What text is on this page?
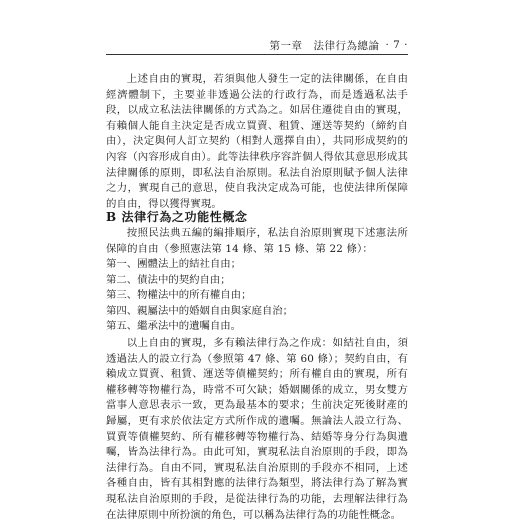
第一章　法律行為總論 · 7 ·

上述自由的實現，若須與他人發生一定的法律關係，在自由經濟體制下，主要並非透過公法的行政行為，而是透過私法手段，以成立私法法律關係的方式為之。如居住遷徙自由的實現，有賴個人能自主決定是否成立買賣、租賃、運送等契約（締約自由），決定與何人訂立契約（相對人選擇自由），共同形成契約的內容（內容形成自由）。此等法律秩序容許個人得依其意思形成其法律關係的原則，即私法自治原則。私法自治原則賦予個人法律之力，實現自己的意思，使自我決定成為可能，也使法律所保障的自由，得以獲得實現。

B 法律行為之功能性概念

按照民法典五編的編排順序，私法自治原則實現下述憲法所保障的自由（參照憲法第 14 條、第 15 條、第 22 條）：

第一、團體法上的結社自由；
第二、債法中的契約自由；
第三、物權法中的所有權自由；
第四、親屬法中的婚姻自由與家庭自治；
第五、繼承法中的遺囑自由。

以上自由的實現，多有賴法律行為之作成：如結社自由，須透過法人的設立行為（參照第 47 條、第 60 條）；契約自由，有賴成立買賣、租賃、運送等債權契約；所有權自由的實現，所有權移轉等物權行為，時常不可欠缺；婚姻關係的成立，男女雙方當事人意思表示一致，更為最基本的要求；生前決定死後財產的歸屬，更有求於依法定方式所作成的遺囑。無論法人設立行為、買賣等債權契約、所有權移轉等物權行為、結婚等身分行為與遺囑，皆為法律行為。由此可知，實現私法自治原則的手段，即為法律行為。自由不同，實現私法自治原則的手段亦不相同，上述各種自由，皆有其相對應的法律行為類型，將法律行為了解為實現私法自治原則的手段，是從法律行為的功能，去理解法律行為在法律原則中所扮演的角色，可以稱為法律行為的功能性概念。
